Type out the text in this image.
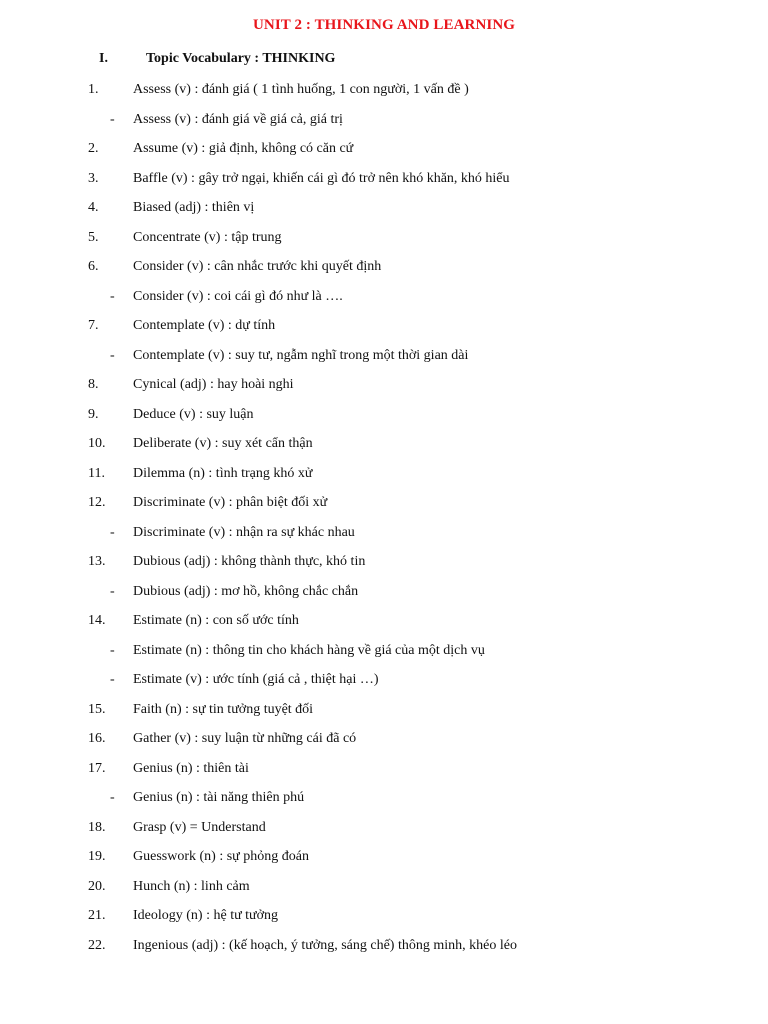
UNIT 2 : THINKING AND LEARNING
I.	Topic Vocabulary : THINKING
1. Assess (v) : đánh giá ( 1 tình huống, 1 con người, 1 vấn đề )
- Assess (v) : đánh giá về giá cả, giá trị
2. Assume (v) : giả định, không có căn cứ
3. Baffle (v) : gây trở ngại, khiến cái gì đó trở nên khó khăn, khó hiểu
4. Biased (adj) : thiên vị
5. Concentrate (v) : tập trung
6. Consider (v) : cân nhắc trước khi quyết định
- Consider (v) : coi cái gì đó như là ….
7. Contemplate (v) : dự tính
- Contemplate (v) : suy tư, ngẫm nghĩ trong một thời gian dài
8. Cynical (adj) : hay hoài nghi
9. Deduce (v) : suy luận
10. Deliberate (v) : suy xét cẩn thận
11. Dilemma (n) : tình trạng khó xử
12. Discriminate (v) : phân biệt đối xử
- Discriminate (v) : nhận ra sự khác nhau
13. Dubious (adj) : không thành thực, khó tin
- Dubious (adj) : mơ hồ, không chắc chắn
14. Estimate (n) : con số ước tính
- Estimate (n) : thông tin cho khách hàng về giá của một dịch vụ
- Estimate (v) : ước tính (giá cả , thiệt hại …)
15. Faith (n) : sự tin tưởng tuyệt đối
16. Gather (v) : suy luận từ những cái đã có
17. Genius (n) : thiên tài
- Genius (n) : tài năng thiên phú
18. Grasp (v) = Understand
19. Guesswork (n) : sự phỏng đoán
20. Hunch (n) : linh cảm
21. Ideology (n) : hệ tư tưởng
22. Ingenious (adj) : (kế hoạch, ý tưởng, sáng chế) thông minh, khéo léo
